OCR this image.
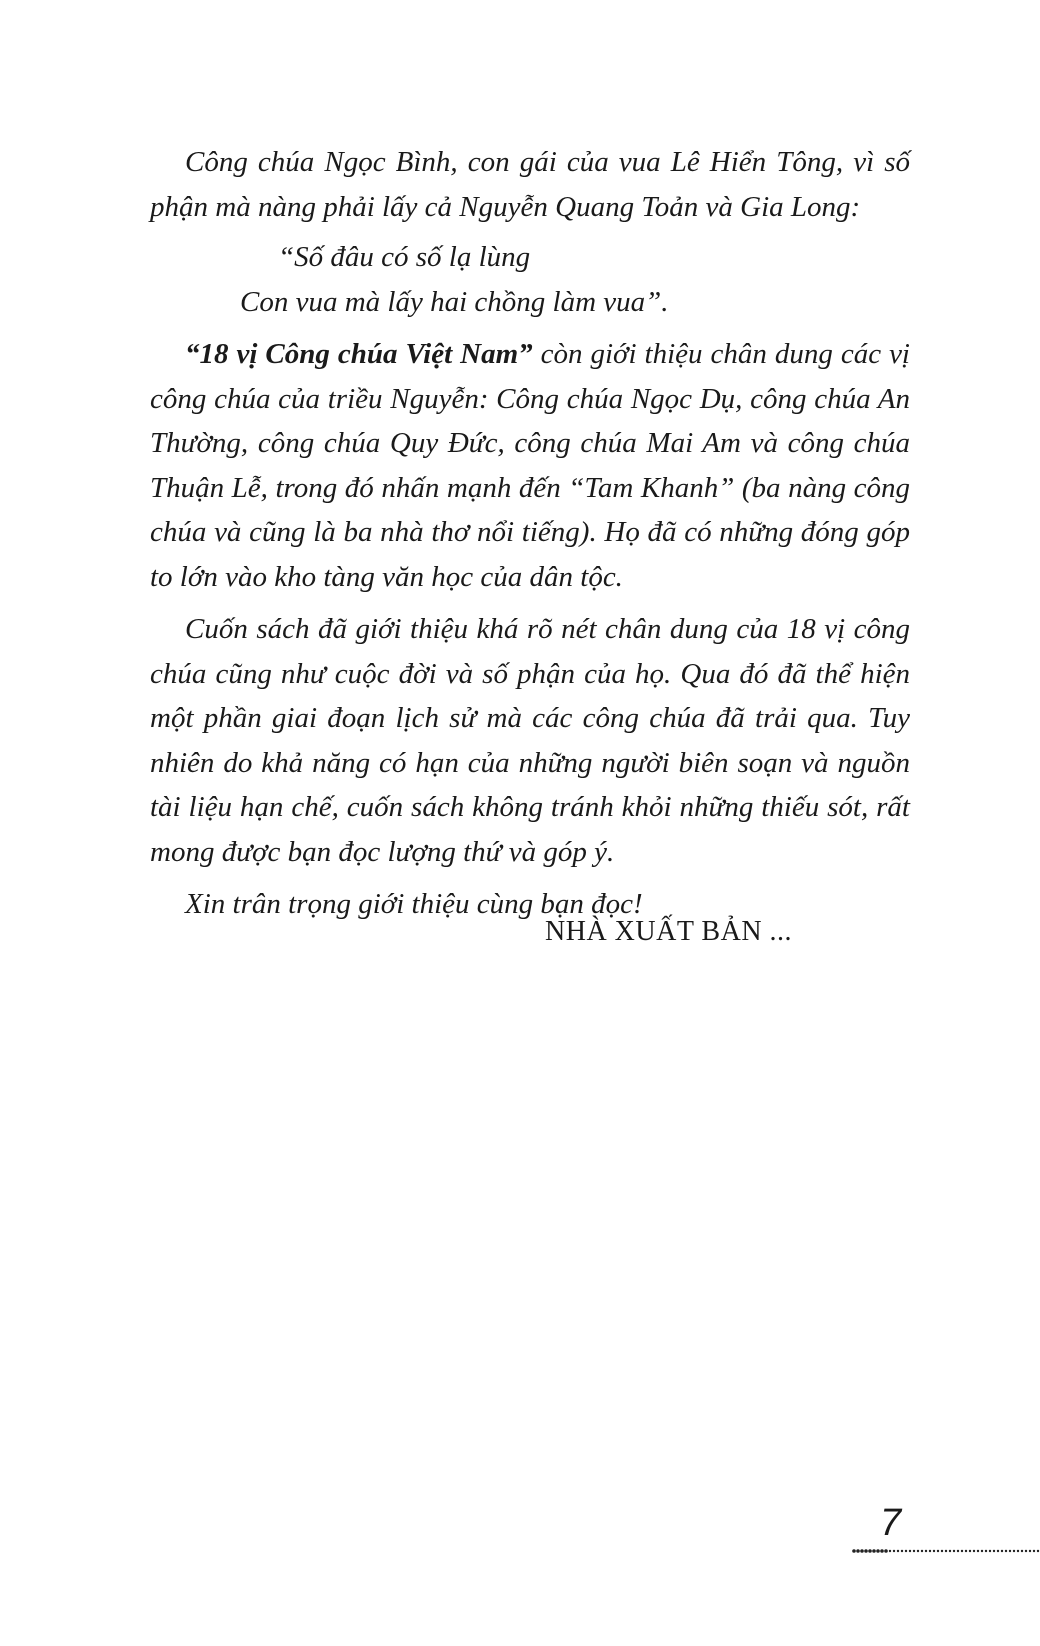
Công chúa Ngọc Bình, con gái của vua Lê Hiển Tông, vì số phận mà nàng phải lấy cả Nguyễn Quang Toản và Gia Long:

“Số đâu có số lạ lùng
Con vua mà lấy hai chồng làm vua”.

“18 vị Công chúa Việt Nam” còn giới thiệu chân dung các vị công chúa của triều Nguyễn: Công chúa Ngọc Dụ, công chúa An Thường, công chúa Quy Đức, công chúa Mai Am và công chúa Thuận Lễ, trong đó nhấn mạnh đến “Tam Khanh” (ba nàng công chúa và cũng là ba nhà thơ nổi tiếng). Họ đã có những đóng góp to lớn vào kho tàng văn học của dân tộc.

Cuốn sách đã giới thiệu khá rõ nét chân dung của 18 vị công chúa cũng như cuộc đời và số phận của họ. Qua đó đã thể hiện một phần giai đoạn lịch sử mà các công chúa đã trải qua. Tuy nhiên do khả năng có hạn của những người biên soạn và nguồn tài liệu hạn chế, cuốn sách không tránh khỏi những thiếu sót, rất mong được bạn đọc lượng thứ và góp ý.

Xin trân trọng giới thiệu cùng bạn đọc!

NHÀ XUẤT BẢN ...
7
